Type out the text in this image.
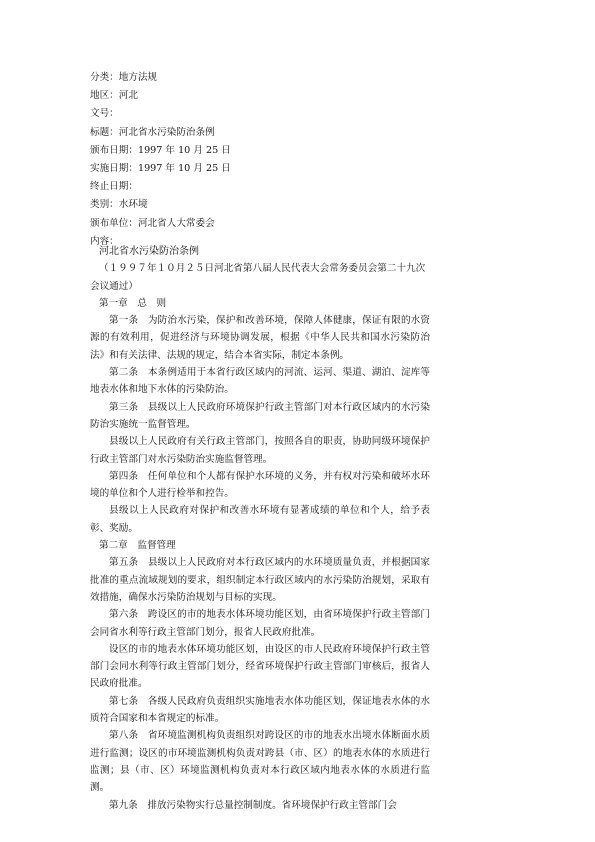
分类：地方法规
地区：河北
文号：
标题：河北省水污染防治条例
颁布日期：1997 年 10 月 25 日
实施日期：1997 年 10 月 25 日
终止日期：
类别：水环境
颁布单位：河北省人大常委会
内容：

河北省水污染防治条例

（１９９７年１０月２５日河北省第八届人民代表大会常务委员会第二十九次会议通过）

第一章　总　则

第一条　为防治水污染，保护和改善环境，保障人体健康，保证有限的水资源的有效利用，促进经济与环境协调发展，根据《中华人民共和国水污染防治法》和有关法律、法规的规定，结合本省实际，制定本条例。

第二条　本条例适用于本省行政区域内的河流、运河、渠道、湖泊、淀库等地表水体和地下水体的污染防治。

第三条　县级以上人民政府环境保护行政主管部门对本行政区域内的水污染防治实施统一监督管理。

县级以上人民政府有关行政主管部门，按照各自的职责，协助同级环境保护行政主管部门对水污染防治实施监督管理。

第四条　任何单位和个人都有保护水环境的义务，并有权对污染和破坏水环境的单位和个人进行检举和控告。

县级以上人民政府对保护和改善水环境有显著成绩的单位和个人，给予表彰、奖励。

第二章　监督管理

第五条　县级以上人民政府对本行政区域内的水环境质量负责，并根据国家批准的重点流域规划的要求，组织制定本行政区域内的水污染防治规划，采取有效措施，确保水污染防治规划与目标的实现。

第六条　跨设区的市的地表水体环境功能区划，由省环境保护行政主管部门会同省水利等行政主管部门划分，报省人民政府批准。

设区的市的地表水体环境功能区划，由设区的市人民政府环境保护行政主管部门会同水利等行政主管部门划分，经省环境保护行政主管部门审核后，报省人民政府批准。

第七条　各级人民政府负责组织实施地表水体功能区划，保证地表水体的水质符合国家和本省规定的标准。

第八条　省环境监测机构负责组织对跨设区的市的地表水出境水体断面水质进行监测；设区的市环境监测机构负责对跨县（市、区）的地表水体的水质进行监测；县（市、区）环境监测机构负责对本行政区域内地表水体的水质进行监测。

第九条　排放污染物实行总量控制制度。省环境保护行政主管部门会
